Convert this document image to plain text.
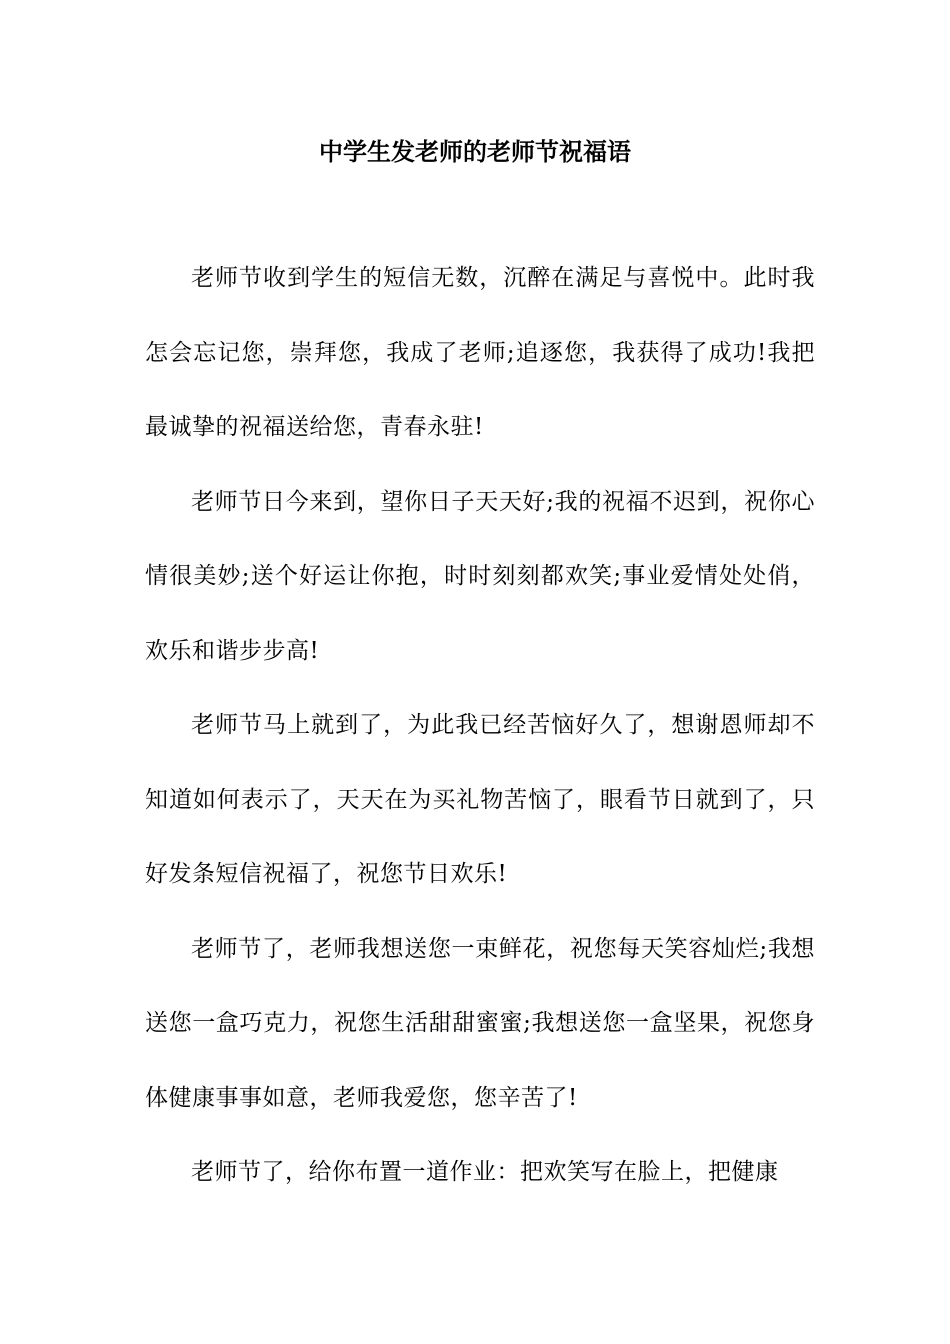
中学生发老师的老师节祝福语

老师节收到学生的短信无数，沉醉在满足与喜悦中。此时我怎会忘记您，崇拜您，我成了老师;追逐您，我获得了成功!我把最诚挚的祝福送给您，青春永驻!

老师节日今来到，望你日子天天好;我的祝福不迟到，祝你心情很美妙;送个好运让你抱，时时刻刻都欢笑;事业爱情处处俏，欢乐和谐步步高!

老师节马上就到了，为此我已经苦恼好久了，想谢恩师却不知道如何表示了，天天在为买礼物苦恼了，眼看节日就到了，只好发条短信祝福了，祝您节日欢乐!

老师节了，老师我想送您一束鲜花，祝您每天笑容灿烂;我想送您一盒巧克力，祝您生活甜甜蜜蜜;我想送您一盒坚果，祝您身体健康事事如意，老师我爱您，您辛苦了!

老师节了，给你布置一道作业：把欢笑写在脸上，把健康
